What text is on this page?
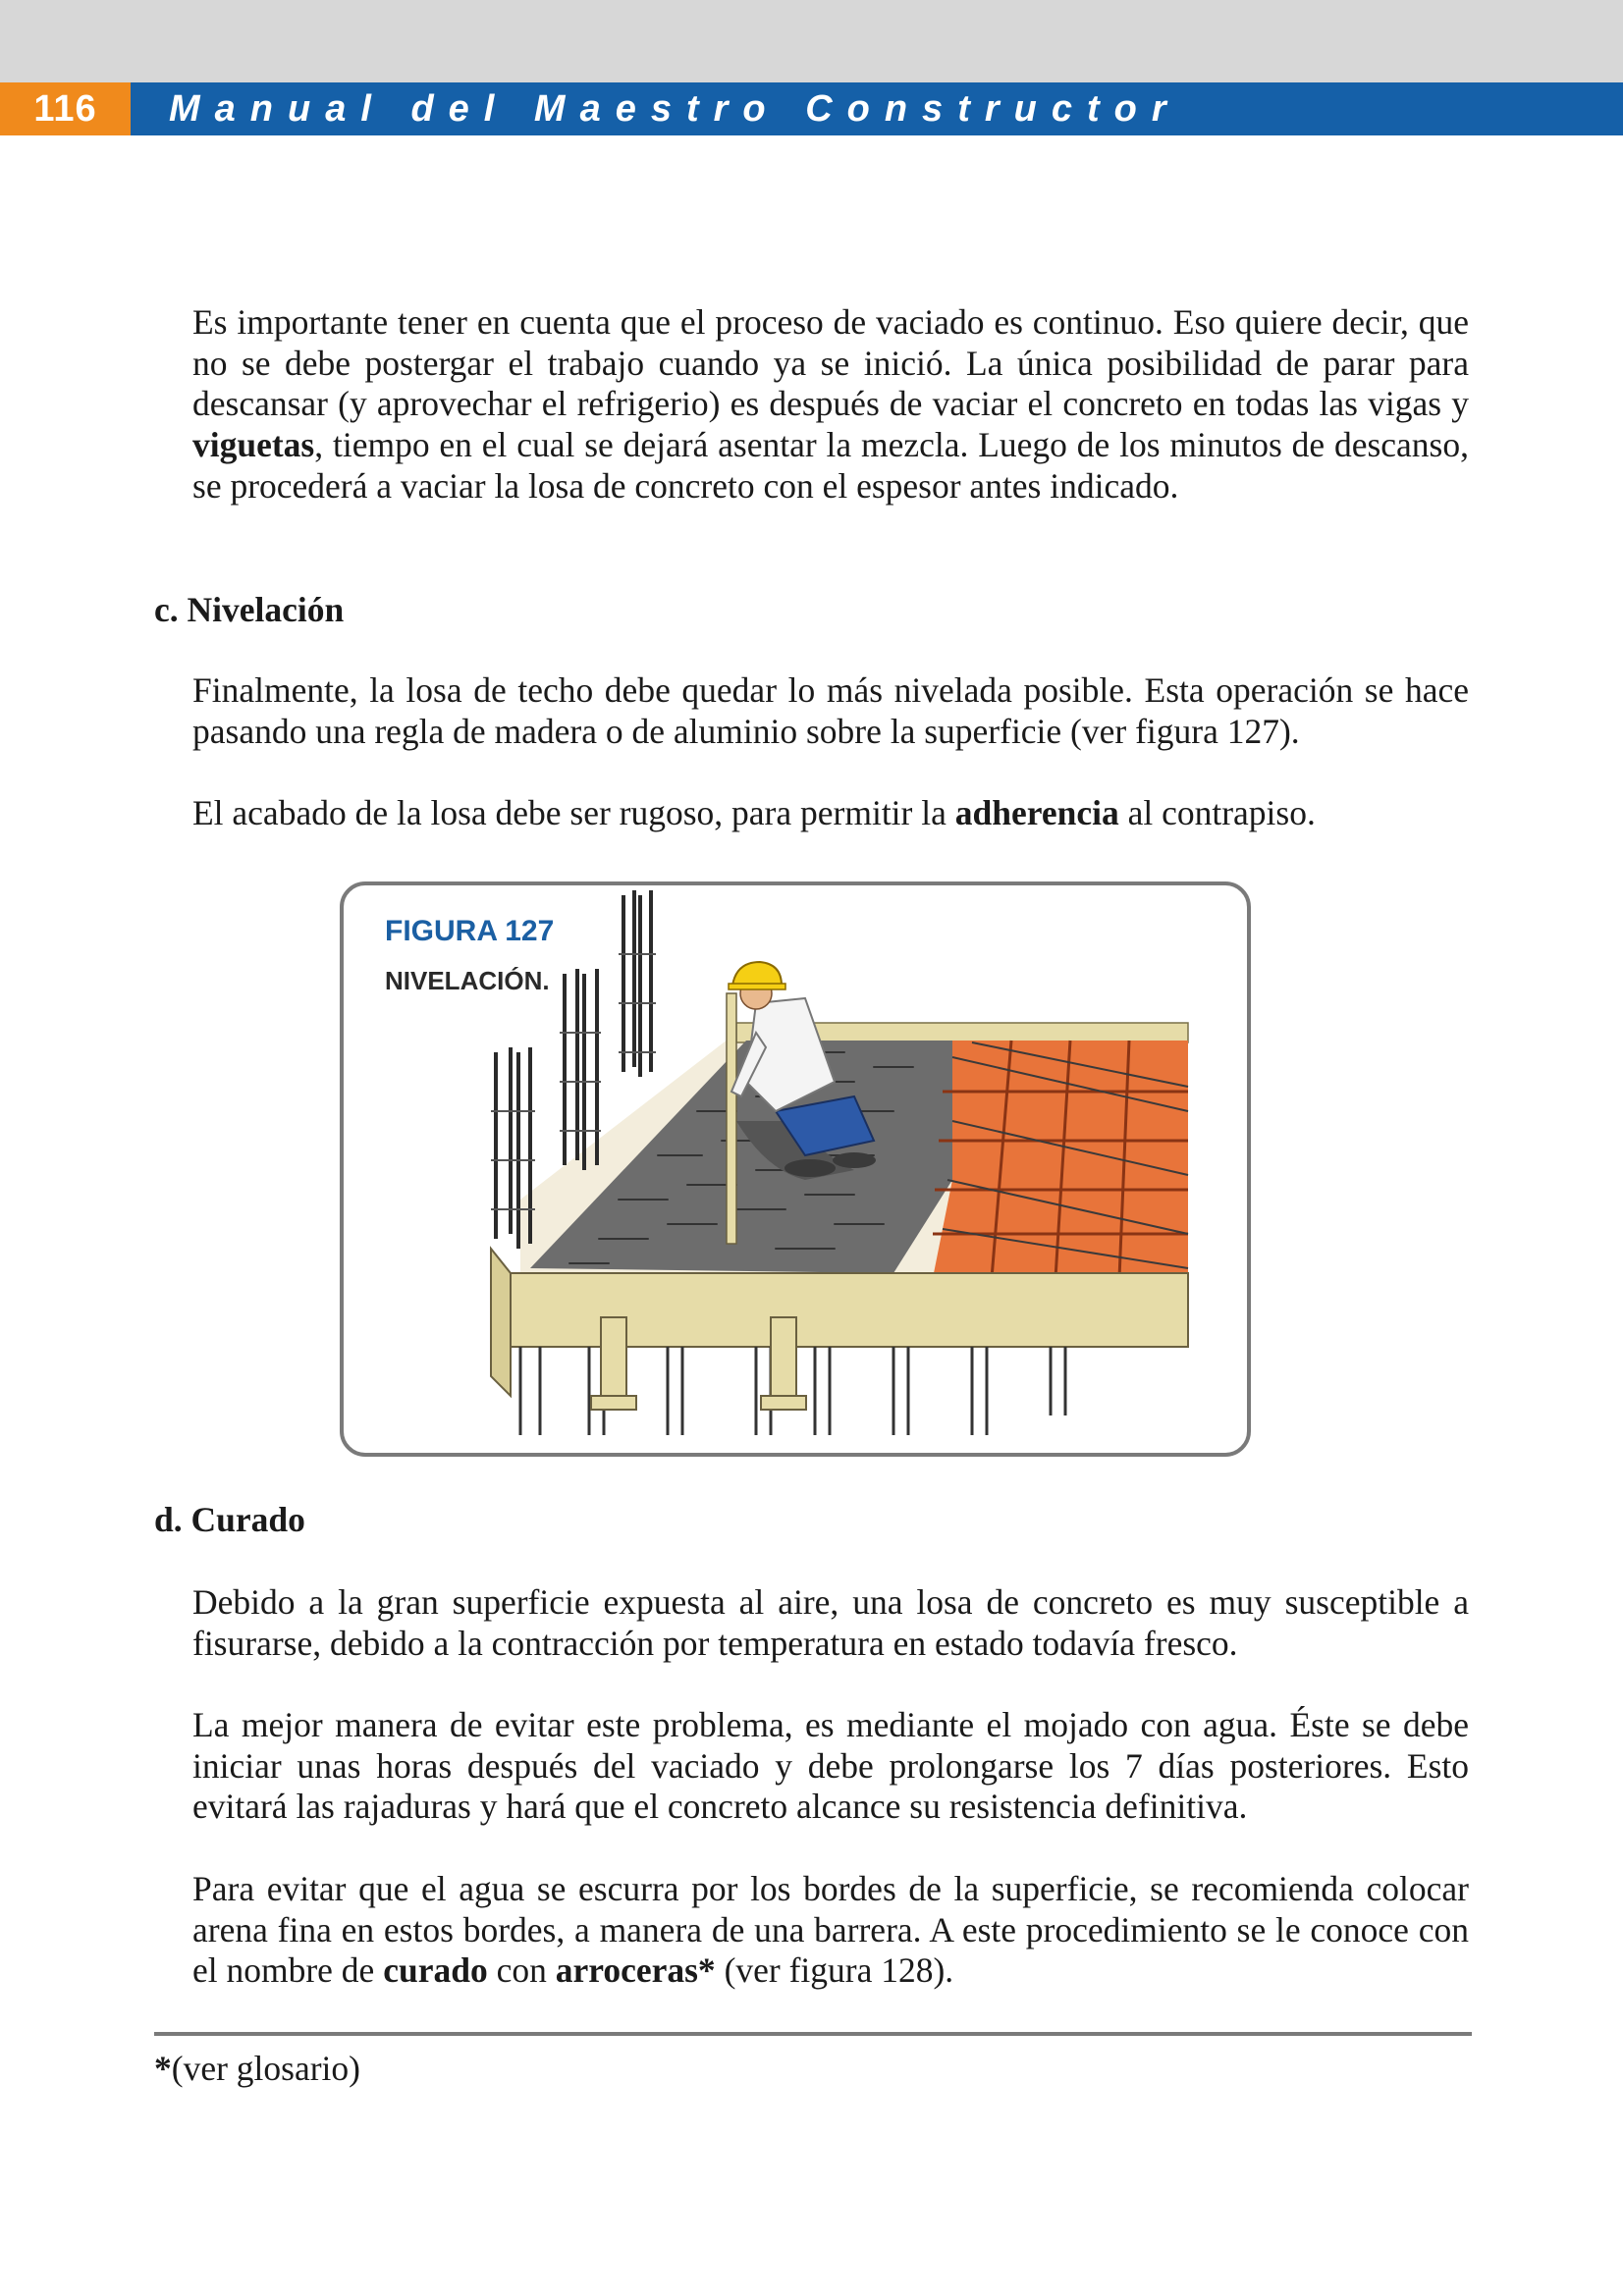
116	Manual del Maestro Constructor

Es importante tener en cuenta que el proceso de vaciado es continuo. Eso quiere decir, que no se debe postergar el trabajo cuando ya se inició. La única posibilidad de parar para descansar (y aprovechar el refrigerio) es después de vaciar el concreto en todas las vigas y viguetas, tiempo en el cual se dejará asentar la mezcla. Luego de los minutos de descanso, se procederá a vaciar la losa de concreto con el espesor antes indicado.

c. Nivelación

Finalmente, la losa de techo debe quedar lo más nivelada posible. Esta operación se hace pasando una regla de madera o de aluminio sobre la superficie (ver figura 127).

El acabado de la losa debe ser rugoso, para permitir la adherencia al contrapiso.

FIGURA 127
NIVELACIÓN.
d. Curado

Debido a la gran superficie expuesta al aire, una losa de concreto es muy susceptible a fisurarse, debido a la contracción por temperatura en estado todavía fresco.

La mejor manera de evitar este problema, es mediante el mojado con agua. Éste se debe iniciar unas horas después del vaciado y debe prolongarse los 7 días posteriores. Esto evitará las rajaduras y hará que el concreto alcance su resistencia definitiva.

Para evitar que el agua se escurra por los bordes de la superficie, se recomienda colocar arena fina en estos bordes, a manera de una barrera. A este procedimiento se le conoce con el nombre de curado con arroceras* (ver figura 128).

*(ver glosario)
